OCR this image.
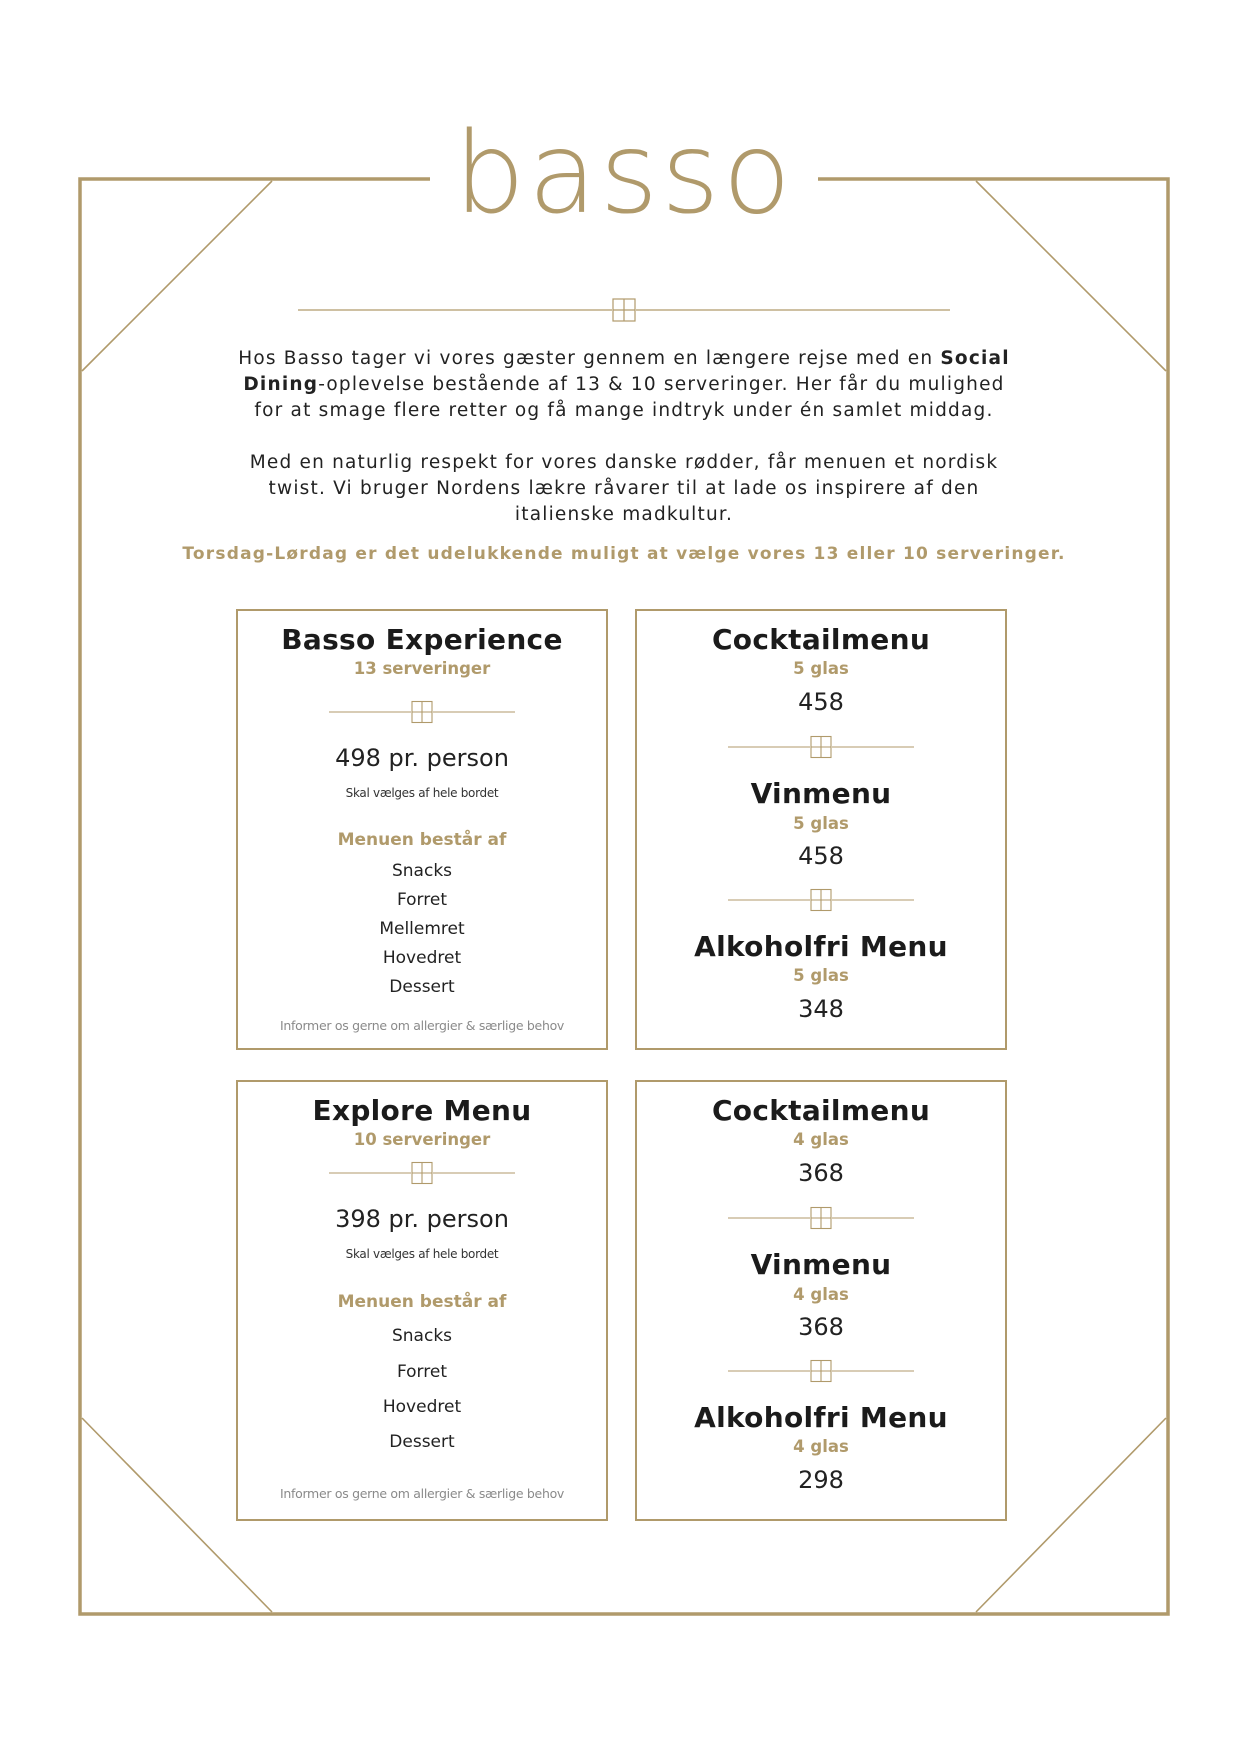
basso

Hos Basso tager vi vores gæster gennem en længere rejse med en Social Dining-oplevelse bestående af 13 & 10 serveringer. Her får du mulighed for at smage flere retter og få mange indtryk under én samlet middag.

Med en naturlig respekt for vores danske rødder, får menuen et nordisk twist. Vi bruger Nordens lækre råvarer til at lade os inspirere af den italienske madkultur.

Torsdag-Lørdag er det udelukkende muligt at vælge vores 13 eller 10 serveringer.
Basso Experience
13 serveringer
498 pr. person
Skal vælges af hele bordet
Menuen består af
Snacks
Forret
Mellemret
Hovedret
Dessert
Informer os gerne om allergier & særlige behov
Cocktailmenu
5 glas
458
Vinmenu
5 glas
458
Alkoholfri Menu
5 glas
348
Explore Menu
10 serveringer
398 pr. person
Skal vælges af hele bordet
Menuen består af
Snacks
Forret
Hovedret
Dessert
Informer os gerne om allergier & særlige behov
Cocktailmenu
4 glas
368
Vinmenu
4 glas
368
Alkoholfri Menu
4 glas
298
